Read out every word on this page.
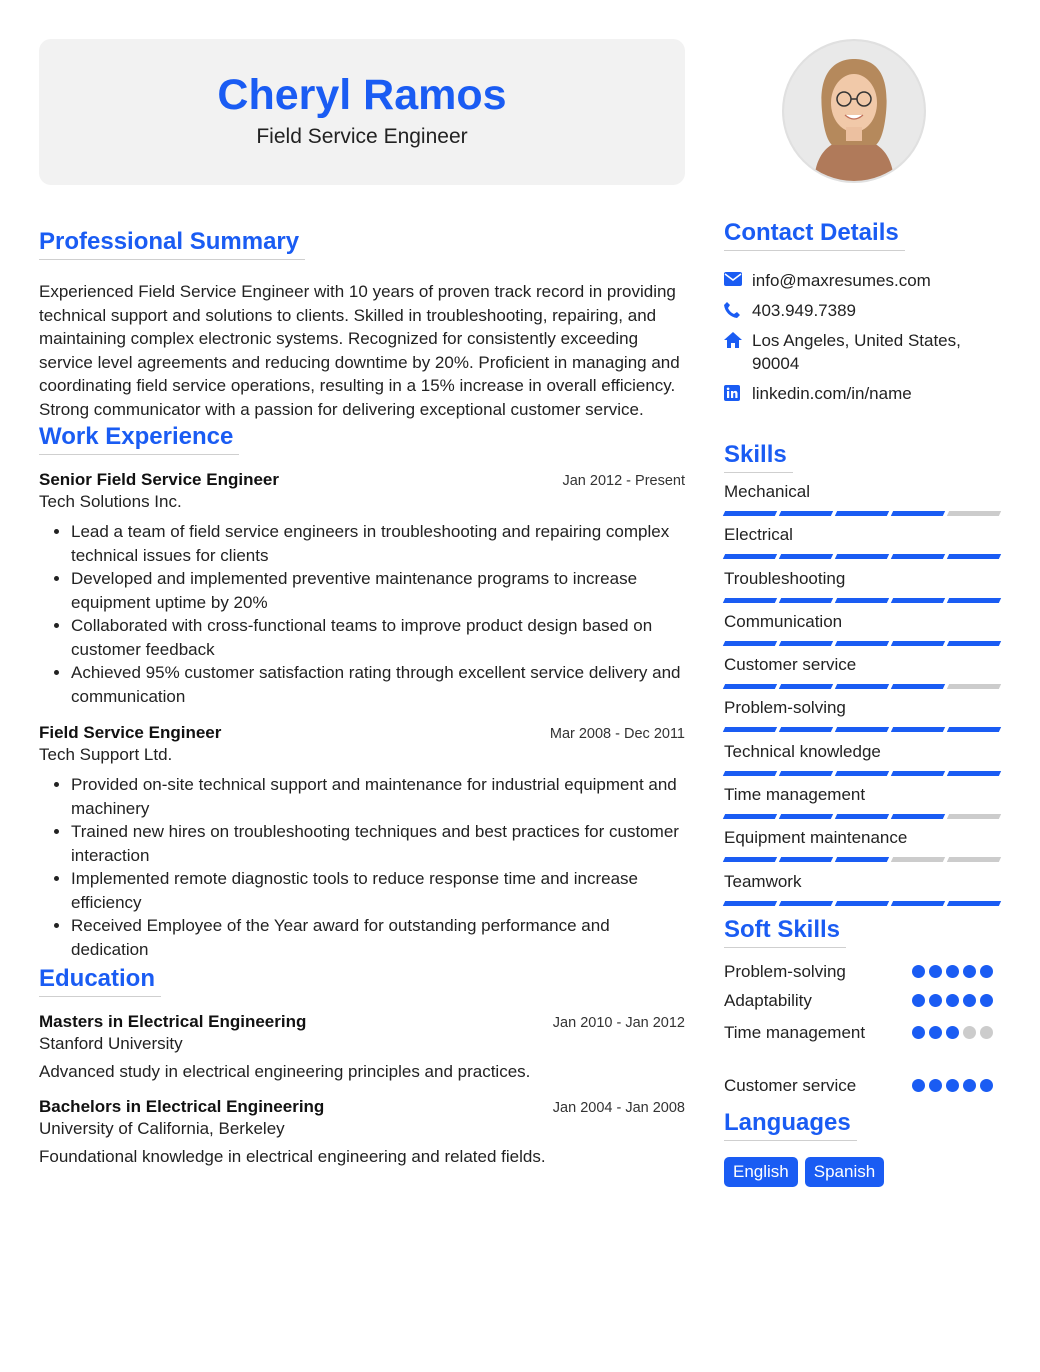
Cheryl Ramos
Field Service Engineer
Professional Summary
Experienced Field Service Engineer with 10 years of proven track record in providing technical support and solutions to clients. Skilled in troubleshooting, repairing, and maintaining complex electronic systems. Recognized for consistently exceeding service level agreements and reducing downtime by 20%. Proficient in managing and coordinating field service operations, resulting in a 15% increase in overall efficiency. Strong communicator with a passion for delivering exceptional customer service.
Work Experience
Senior Field Service Engineer	Jan 2012 - Present
Tech Solutions Inc.
• Lead a team of field service engineers in troubleshooting and repairing complex technical issues for clients
• Developed and implemented preventive maintenance programs to increase equipment uptime by 20%
• Collaborated with cross-functional teams to improve product design based on customer feedback
• Achieved 95% customer satisfaction rating through excellent service delivery and communication
Field Service Engineer	Mar 2008 - Dec 2011
Tech Support Ltd.
• Provided on-site technical support and maintenance for industrial equipment and machinery
• Trained new hires on troubleshooting techniques and best practices for customer interaction
• Implemented remote diagnostic tools to reduce response time and increase efficiency
• Received Employee of the Year award for outstanding performance and dedication
Education
Masters in Electrical Engineering	Jan 2010 - Jan 2012
Stanford University
Advanced study in electrical engineering principles and practices.
Bachelors in Electrical Engineering	Jan 2004 - Jan 2008
University of California, Berkeley
Foundational knowledge in electrical engineering and related fields.
Contact Details
info@maxresumes.com
403.949.7389
Los Angeles, United States, 90004
linkedin.com/in/name
Skills
Mechanical
Electrical
Troubleshooting
Communication
Customer service
Problem-solving
Technical knowledge
Time management
Equipment maintenance
Teamwork
Soft Skills
Problem-solving
Adaptability
Time management
Customer service
Languages
English	Spanish
